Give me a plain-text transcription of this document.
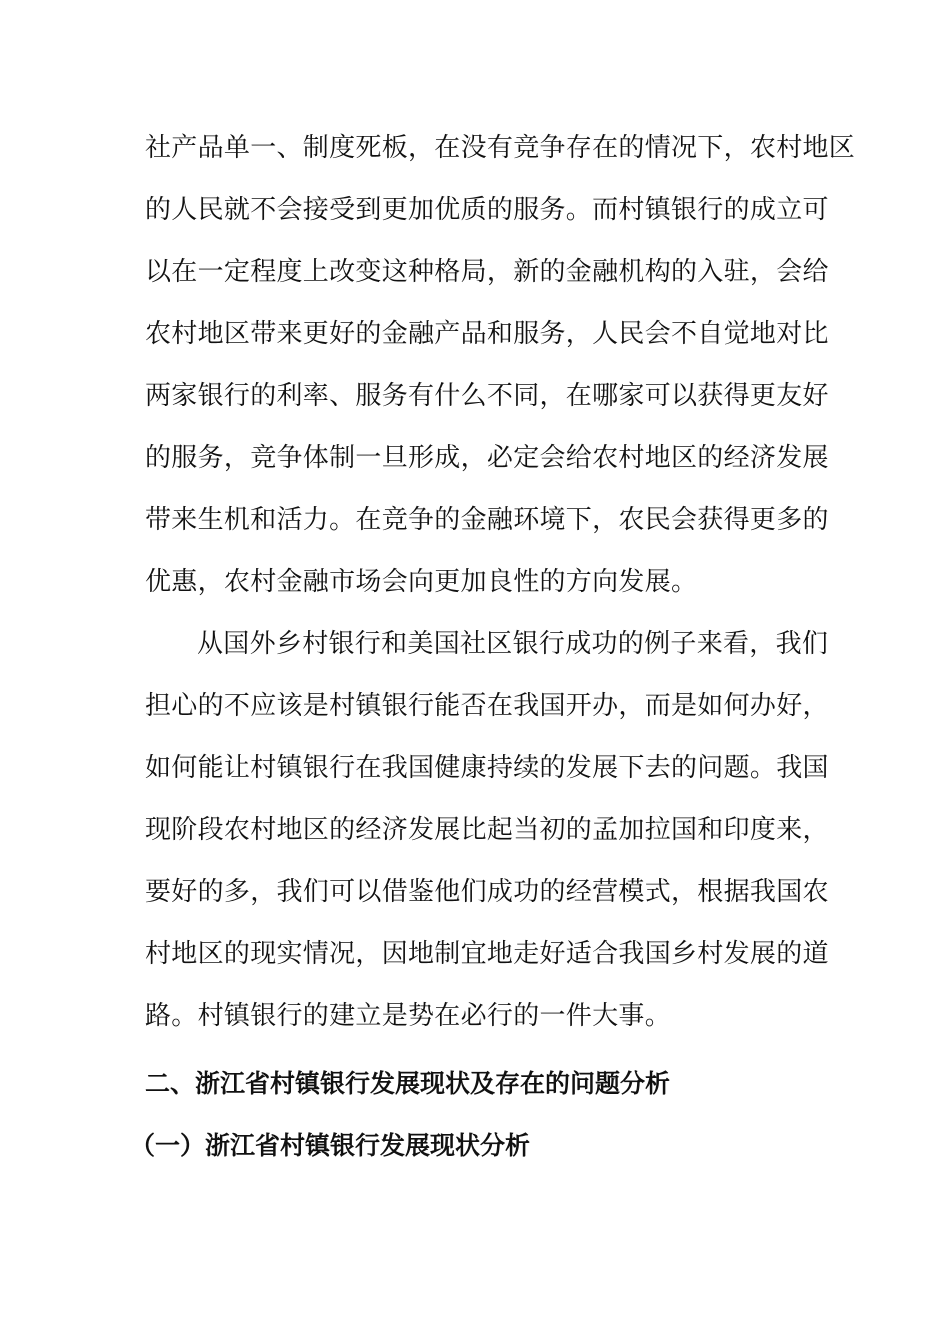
社产品单一、制度死板，在没有竞争存在的情况下，农村地区
的人民就不会接受到更加优质的服务。而村镇银行的成立可
以在一定程度上改变这种格局，新的金融机构的入驻，会给
农村地区带来更好的金融产品和服务，人民会不自觉地对比
两家银行的利率、服务有什么不同，在哪家可以获得更友好
的服务，竞争体制一旦形成，必定会给农村地区的经济发展
带来生机和活力。在竞争的金融环境下，农民会获得更多的
优惠，农村金融市场会向更加良性的方向发展。
从国外乡村银行和美国社区银行成功的例子来看，我们
担心的不应该是村镇银行能否在我国开办，而是如何办好，
如何能让村镇银行在我国健康持续的发展下去的问题。我国
现阶段农村地区的经济发展比起当初的孟加拉国和印度来，
要好的多，我们可以借鉴他们成功的经营模式，根据我国农
村地区的现实情况，因地制宜地走好适合我国乡村发展的道
路。村镇银行的建立是势在必行的一件大事。
二、浙江省村镇银行发展现状及存在的问题分析
（一）浙江省村镇银行发展现状分析
